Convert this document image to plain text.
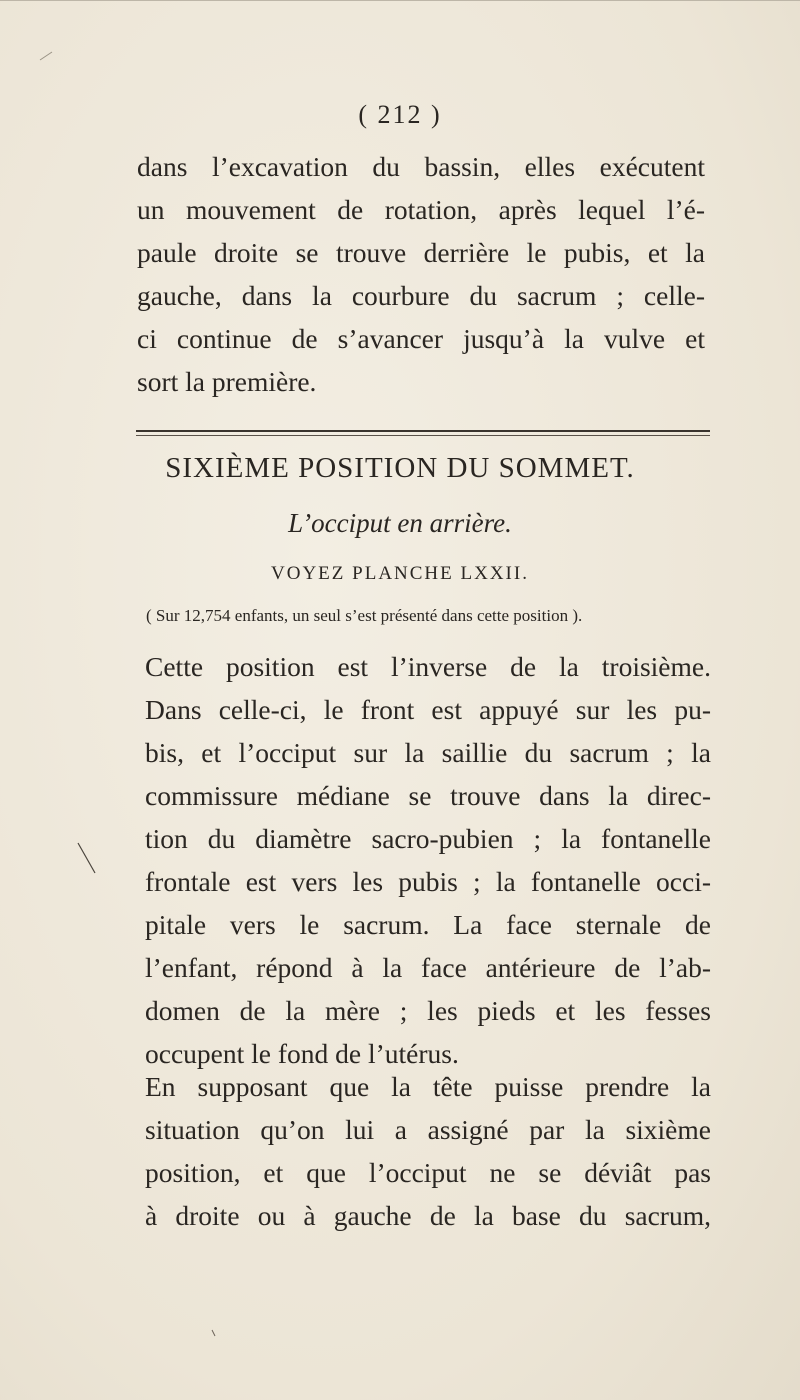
( 212 )
dans l’excavation du bassin, elles exécutent
un mouvement de rotation, après lequel l’é-
paule droite se trouve derrière le pubis, et la
gauche, dans la courbure du sacrum ; celle-
ci continue de s’avancer jusqu’à la vulve et
sort la première.
SIXIÈME POSITION DU SOMMET.
L’occiput en arrière.
VOYEZ PLANCHE LXXII.
( Sur 12,754 enfants, un seul s’est présenté dans cette position ).
Cette position est l’inverse de la troisième.
Dans celle-ci, le front est appuyé sur les pu-
bis, et l’occiput sur la saillie du sacrum ; la
commissure médiane se trouve dans la direc-
tion du diamètre sacro-pubien ; la fontanelle
frontale est vers les pubis ; la fontanelle occi-
pitale vers le sacrum. La face sternale de
l’enfant, répond à la face antérieure de l’ab-
domen de la mère ; les pieds et les fesses
occupent le fond de l’utérus.
En supposant que la tête puisse prendre la
situation qu’on lui a assigné par la sixième
position, et que l’occiput ne se déviât pas
à droite ou à gauche de la base du sacrum,
